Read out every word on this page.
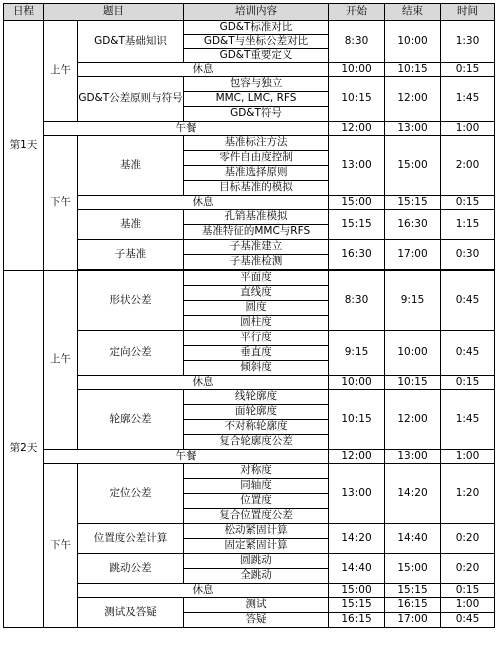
日程	题目		培训内容	开始	结束	时间
第1天	上午	GD&T基础知识	GD&T标准对比	8:30	10:00	1:30
			GD&T与坐标公差对比			
			GD&T重要定义			
		休息		10:00	10:15	0:15
		GD&T公差原则与符号	包容与独立	10:15	12:00	1:45
			MMC, LMC, RFS			
			GD&T符号			
	午餐			12:00	13:00	1:00
	下午	基准	基准标注方法	13:00	15:00	2:00
			零件自由度控制			
			基准选择原则			
			目标基准的模拟			
		休息		15:00	15:15	0:15
		基准	孔销基准模拟	15:15	16:30	1:15
			基准特征的MMC与RFS			
		子基准	子基准建立	16:30	17:00	0:30
			子基准检测			

第2天	上午	形状公差	平面度	8:30	9:15	0:45
			直线度			
			圆度			
			圆柱度			
		定向公差	平行度	9:15	10:00	0:45
			垂直度			
			倾斜度			
		休息		10:00	10:15	0:15
		轮廓公差	线轮廓度	10:15	12:00	1:45
			面轮廓度			
			不对称轮廓度			
			复合轮廓度公差			
	午餐			12:00	13:00	1:00
	下午	定位公差	对称度	13:00	14:20	1:20
			同轴度			
			位置度			
			复合位置度公差			
		位置度公差计算	松动紧固计算	14:20	14:40	0:20
			固定紧固计算			
		跳动公差	圆跳动	14:40	15:00	0:20
			全跳动			
		休息		15:00	15:15	0:15
		测试及答疑	测试	15:15	16:15	1:00
			答疑	16:15	17:00	0:45
